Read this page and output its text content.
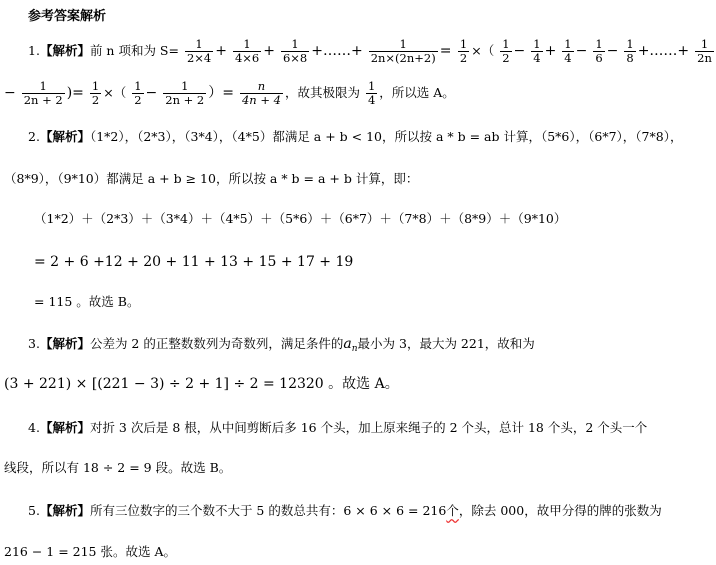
参考答案解析
1.【解析】前 n 项和为 $S= \frac{1}{2\times 4} + \frac{1}{4\times 6} + \frac{1}{6\times 8}$ +……+ $\frac{1}{2n\times(2n+2)} = \frac{1}{2}$ ×（ $\frac{1}{2} - \frac{1}{4} + \frac{1}{4} - \frac{1}{6} - \frac{1}{8}$ +……+ $\frac{1}{2n}$
− $\frac{1}{2n + 2}$ )= $\frac{1}{2}$ ×（ $\frac{1}{2} - \frac{1}{2n + 2}$ ）= $\frac{n}{4n + 4}$ ，故其极限为 $\frac{1}{4}$ ，所以选 A。
2.【解析】（1*2），（2*3），（3*4），（4*5）都满足 a + b < 10，所以按 a * b = ab 计算，（5*6），（6*7），（7*8），
（8*9），（9*10）都满足 a + b ≥ 10，所以按 a * b = a + b 计算，即：
（1*2）＋（2*3）＋（3*4）＋（4*5）＋（5*6）＋（6*7）＋（7*8）＋（8*9）＋（9*10）
= 2 + 6 +12 + 20 + 11 + 13 + 15 + 17 + 19
= 115 。故选 B。
3.【解析】公差为 2 的正整数数列为奇数列，满足条件的$a_n$最小为 3，最大为 221，故和为
(3 + 221) × [(221 − 3) ÷ 2 + 1] ÷ 2 = 12320 。故选 A。
4.【解析】对折 3 次后是 8 根，从中间剪断后多 16 个头，加上原来绳子的 2 个头，总计 18 个头，2 个头一个
线段，所以有 18 ÷ 2 = 9 段。故选 B。
5.【解析】所有三位数字的三个数不大于 5 的数总共有：6 × 6 × 6 = 216个，除去 000，故甲分得的牌的张数为
216 − 1 = 215 张。故选 A。
